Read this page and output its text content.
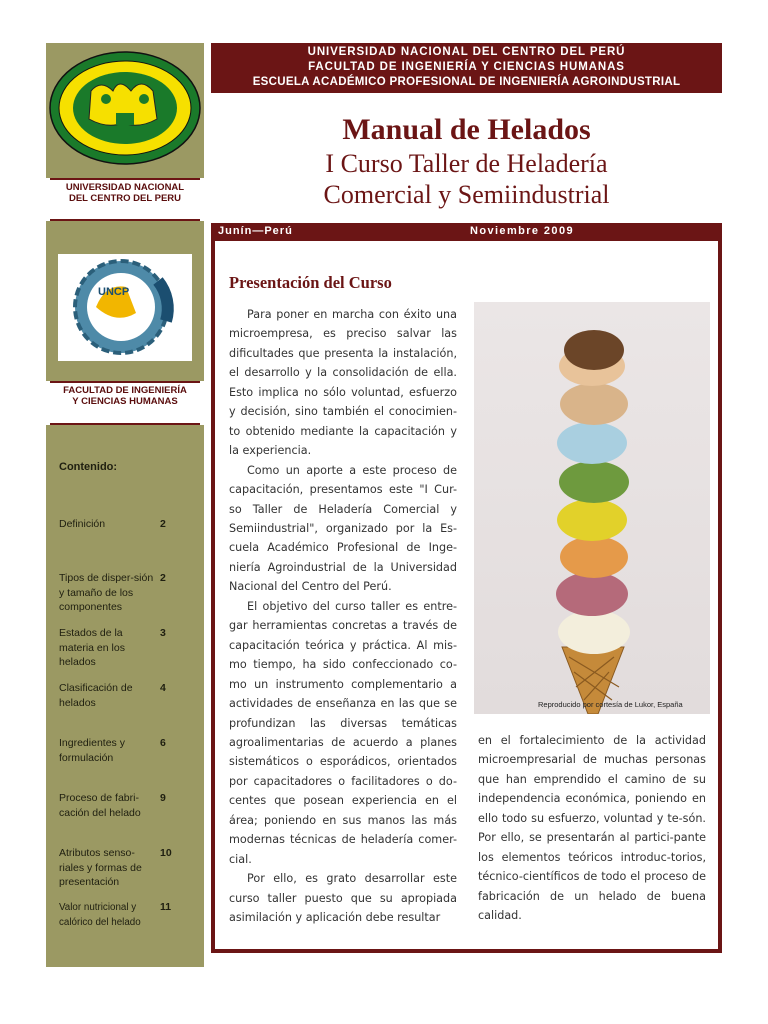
UNIVERSIDAD NACIONAL
DEL CENTRO DEL PERU
UNCP
FACULTAD DE INGENIERÍA
Y CIENCIAS HUMANAS
Contenido:
Definición	2
Tipos de disper-sión y tamaño de los componentes
2
Estados de la materia en los helados
3
Clasificación de helados
4
Ingredientes y formulación
6
Proceso de fabri-cación del helado
9
Atributos senso-riales y formas de presentación
10
Valor nutricional y calórico del helado
11
UNIVERSIDAD NACIONAL DEL CENTRO DEL PERÚ
FACULTAD DE INGENIERÍA Y CIENCIAS HUMANAS
ESCUELA ACADÉMICO PROFESIONAL DE INGENIERÍA AGROINDUSTRIAL
Manual de Helados
I Curso Taller de Heladería
Comercial y Semiindustrial
Junín—Perú	Noviembre 2009
Presentación del Curso

Para poner en marcha con éxito una microempresa, es preciso salvar las dificultades que presenta la instalación, el desarrollo y la consolidación de ella. Esto implica no sólo voluntad, esfuerzo y decisión, sino también el conocimien-to obtenido mediante la capacitación y la experiencia.

Como un aporte a este proceso de capacitación, presentamos este "I Cur-so Taller de Heladería Comercial y Semiindustrial", organizado por la Es-cuela Académico Profesional de Inge-niería Agroindustrial de la Universidad Nacional del Centro del Perú.

El objetivo del curso taller es entre-gar herramientas concretas a través de capacitación teórica y práctica. Al mis-mo tiempo, ha sido confeccionado co-mo un instrumento complementario a actividades de enseñanza en las que se profundizan las diversas temáticas agroalimentarias de acuerdo a planes sistemáticos o esporádicos, orientados por capacitadores o facilitadores o do-centes que posean experiencia en el área; poniendo en sus manos las más modernas técnicas de heladería comer-cial.

Por ello, es grato desarrollar este curso taller puesto que su apropiada asimilación y aplicación debe resultar

Reproducido por cortesía de Lukor, España

en el fortalecimiento de la actividad microempresarial de muchas personas que han emprendido el camino de su independencia económica, poniendo en ello todo su esfuerzo, voluntad y te-són. Por ello, se presentarán al partici-pante los elementos teóricos introduc-torios, técnico-científicos de todo el proceso de fabricación de un helado de buena calidad.
